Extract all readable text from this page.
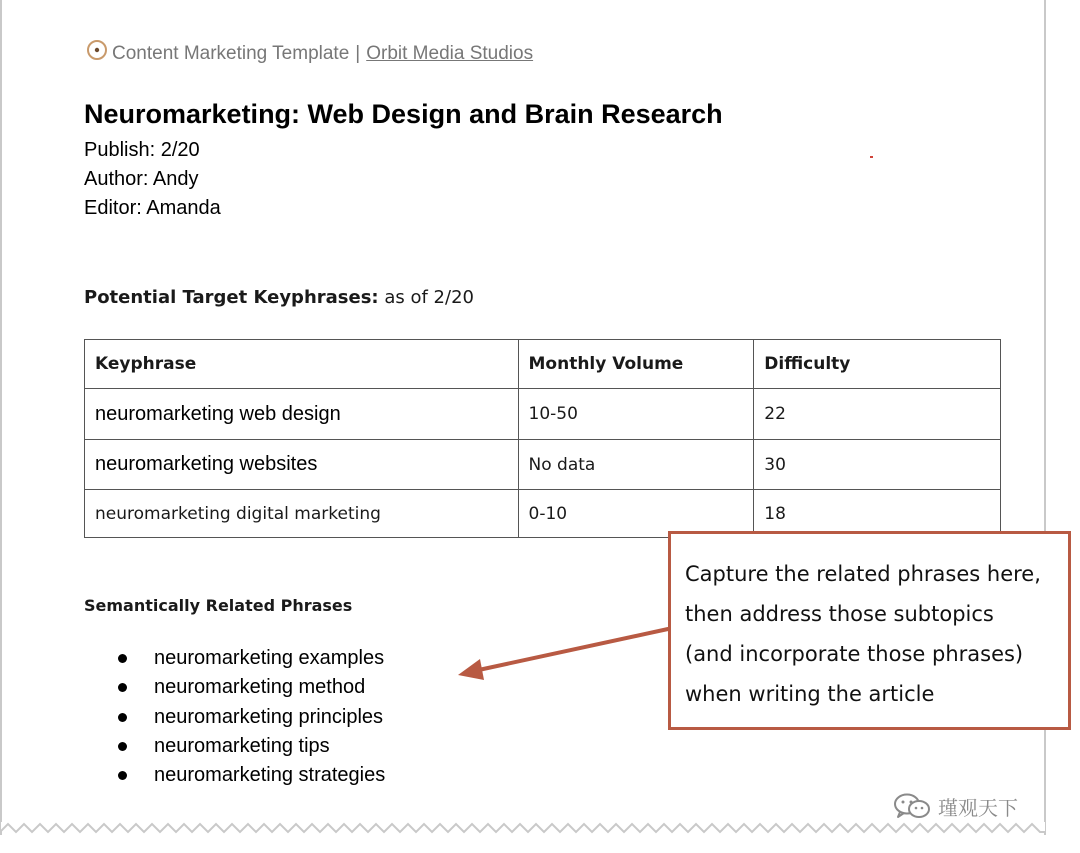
Content Marketing Template | Orbit Media Studios
Neuromarketing: Web Design and Brain Research
Publish: 2/20
Author: Andy
Editor: Amanda
Potential Target Keyphrases: as of 2/20
Keyphrase	Monthly Volume	Difficulty
neuromarketing web design	10-50	22
neuromarketing websites	No data	30
neuromarketing digital marketing	0-10	18
Semantically Related Phrases
neuromarketing examples
neuromarketing method
neuromarketing principles
neuromarketing tips
neuromarketing strategies
Capture the related phrases here,
then address those subtopics
(and incorporate those phrases)
when writing the article
瑾观天下
